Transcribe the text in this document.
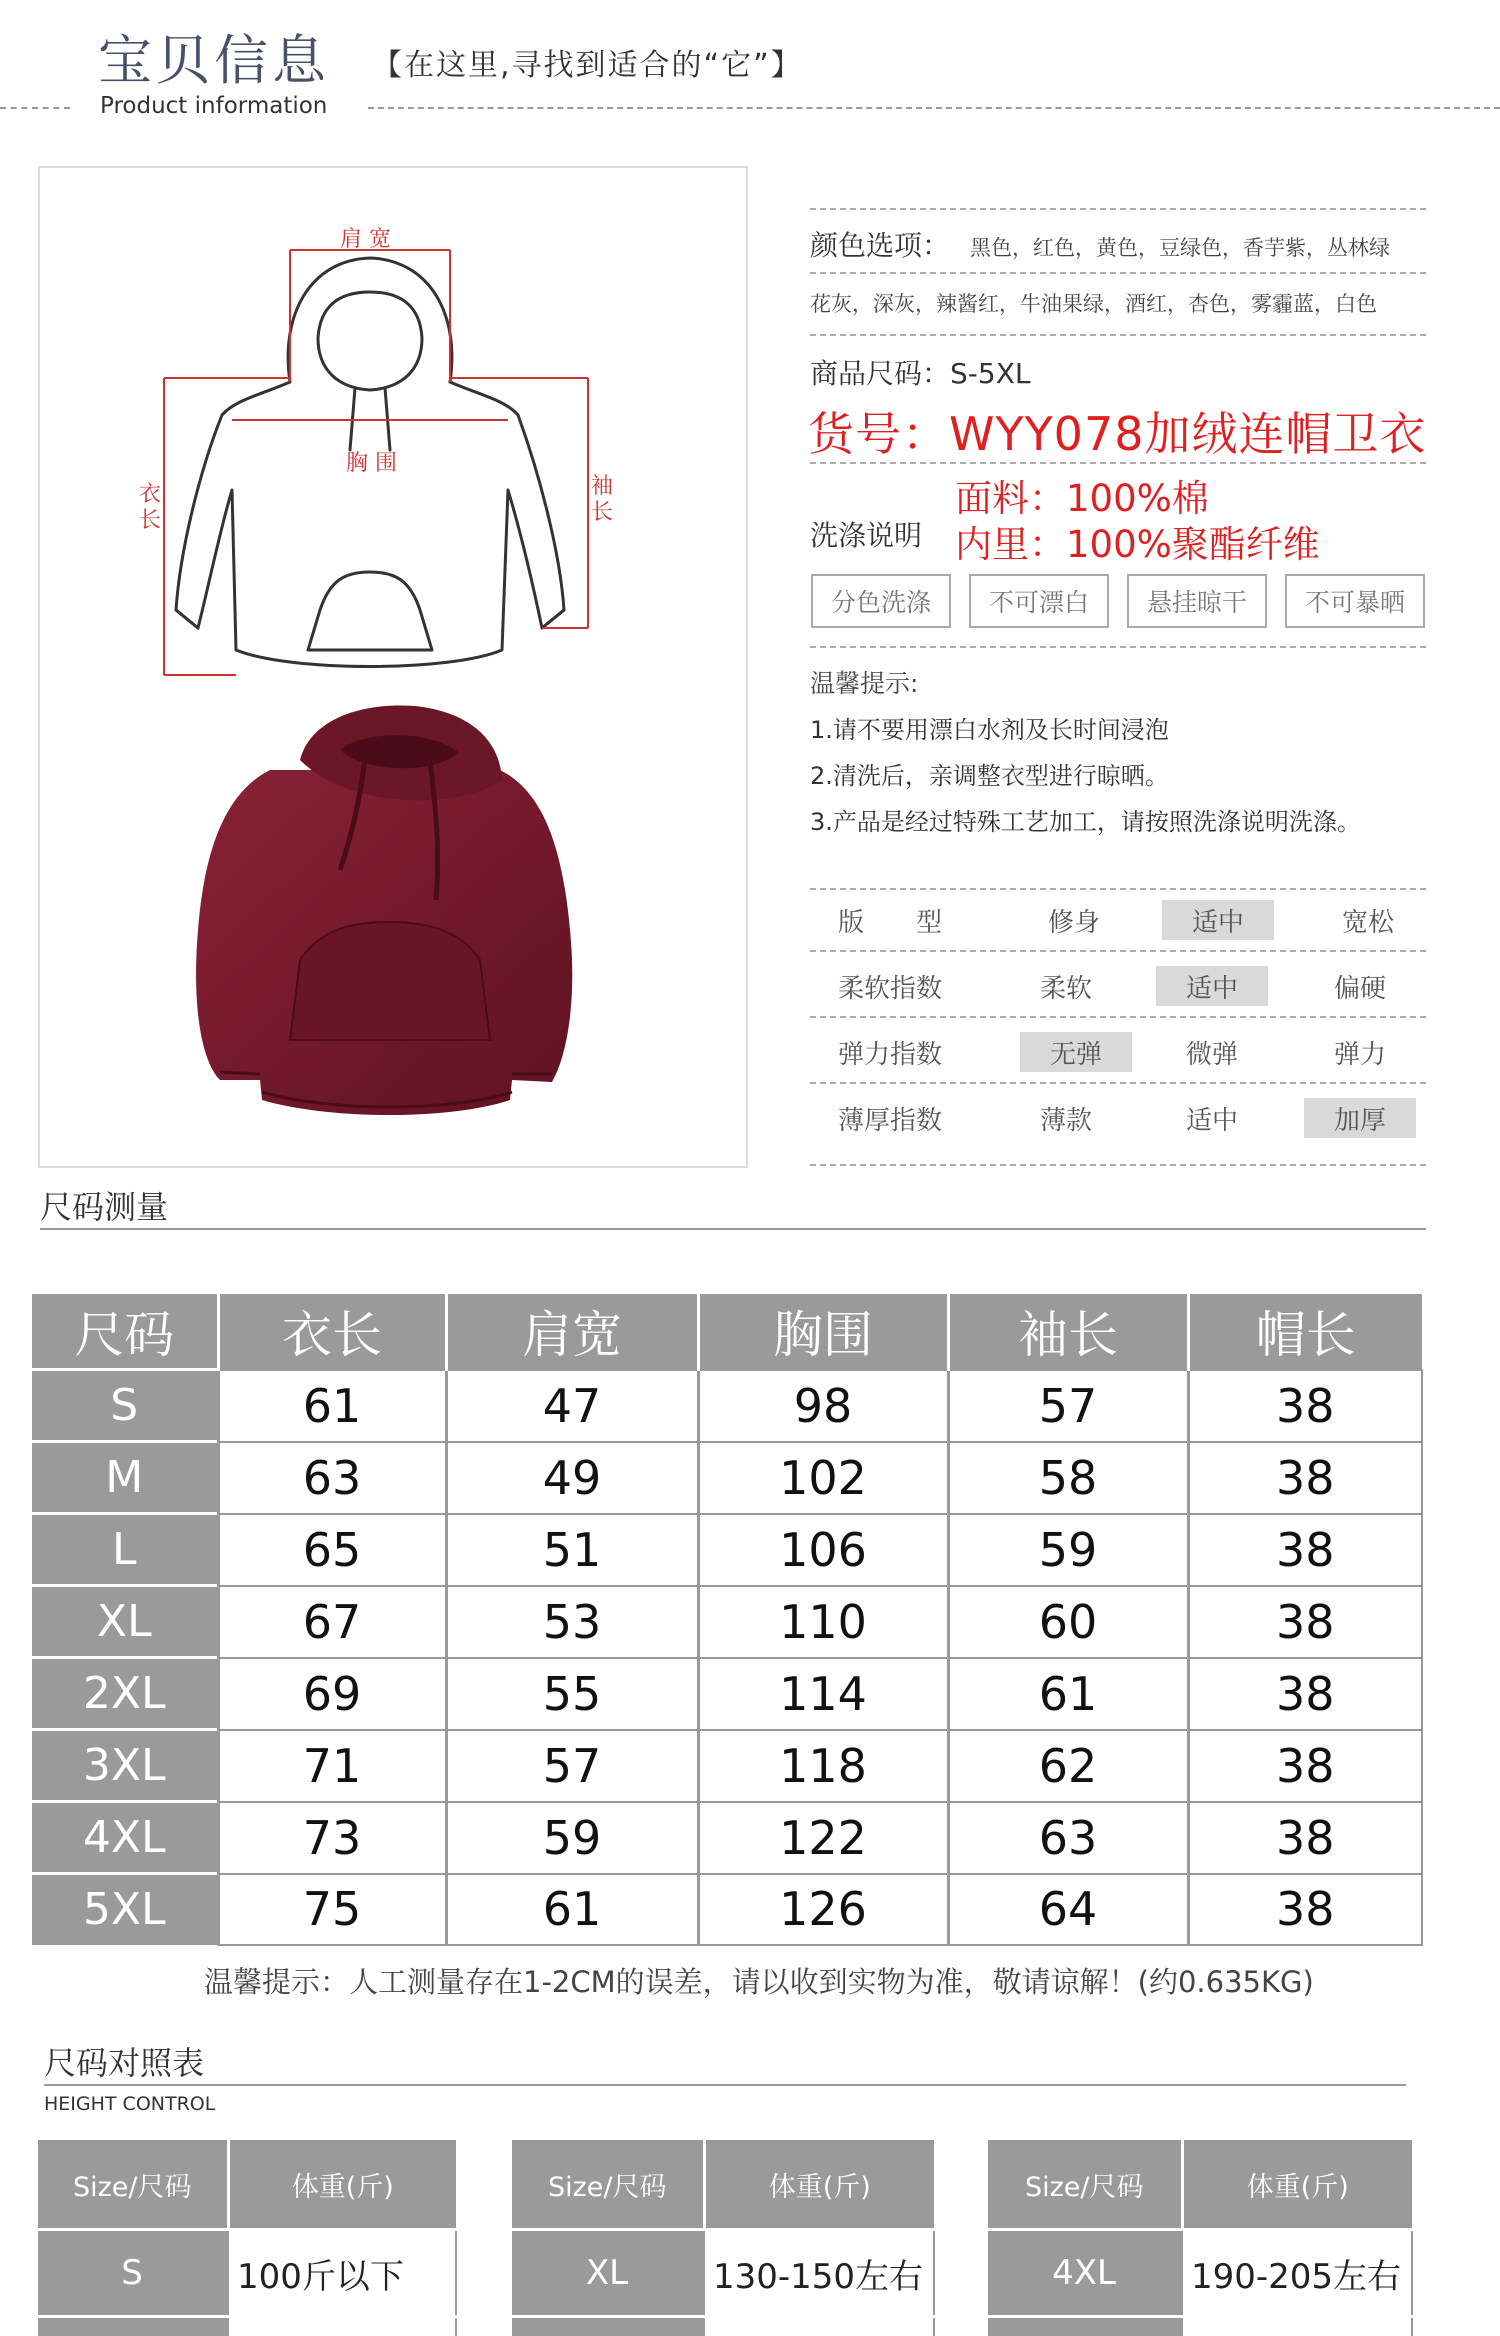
宝贝信息 【在这里,寻找到适合的“它”】
Product information
肩 宽
胸 围
衣长
袖长
颜色选项： 黑色，红色，黄色，豆绿色，香芋紫，丛林绿
花灰，深灰，辣酱红，牛油果绿，酒红，杏色，雾霾蓝，白色
商品尺码：S-5XL
货号：WYY078加绒连帽卫衣
洗涤说明
面料：100%棉
内里：100%聚酯纤维
分色洗涤	不可漂白	悬挂晾干	不可暴晒
温馨提示:
1.请不要用漂白水剂及长时间浸泡
2.清洗后，亲调整衣型进行晾晒。
3.产品是经过特殊工艺加工，请按照洗涤说明洗涤。
版　　型	修身	适中	宽松
柔软指数	柔软	适中	偏硬
弹力指数	无弹	微弹	弹力
薄厚指数	薄款	适中	加厚
尺码测量
尺码	衣长	肩宽	胸围	袖长	帽长
S	61	47	98	57	38
M	63	49	102	58	38
L	65	51	106	59	38
XL	67	53	110	60	38
2XL	69	55	114	61	38
3XL	71	57	118	62	38
4XL	73	59	122	63	38
5XL	75	61	126	64	38
温馨提示：人工测量存在1-2CM的误差，请以收到实物为准，敬请谅解！(约0.635KG)
尺码对照表
HEIGHT CONTROL
Size/尺码	体重(斤)
S	100斤以下

Size/尺码	体重(斤)
XL	130-150左右

Size/尺码	体重(斤)
4XL	190-205左右
